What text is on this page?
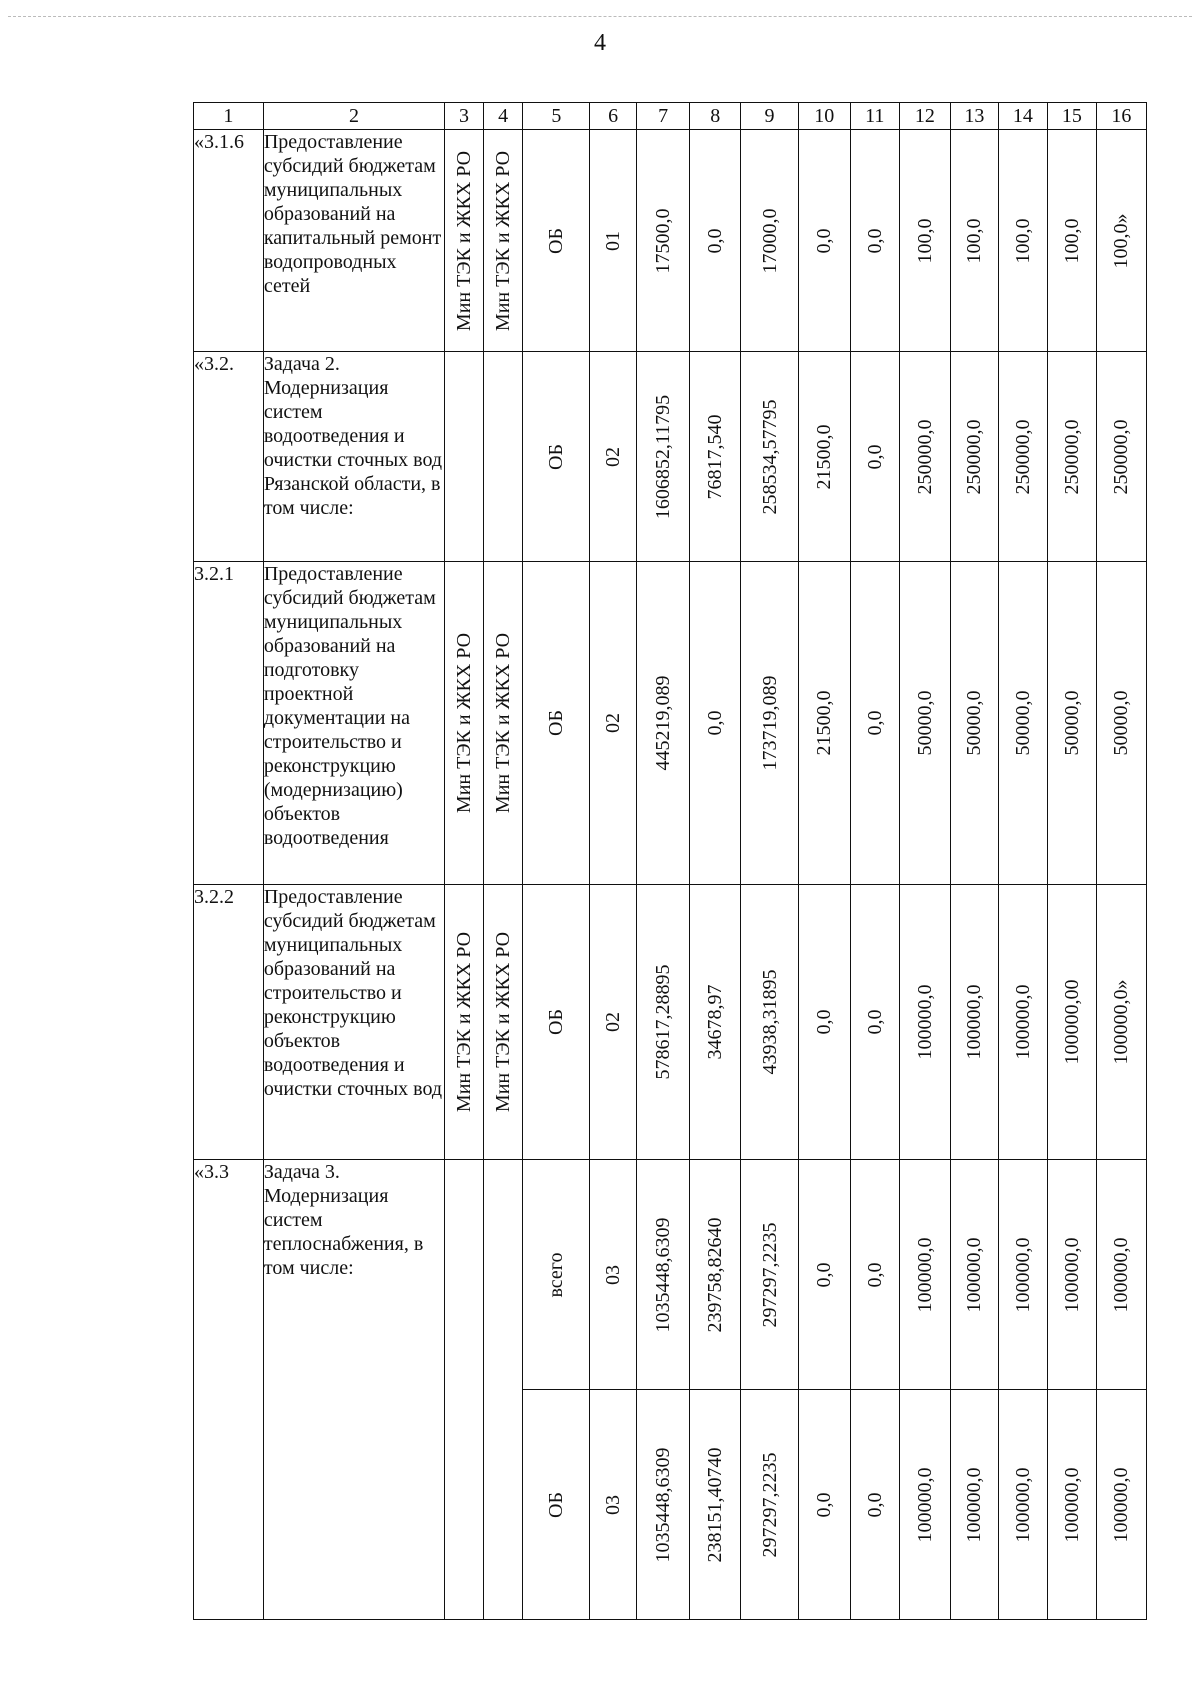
4
1	2	3	4	5	6	7	8	9	10	11	12	13	14	15	16
«3.1.6	Предоставление субсидий бюджетам муниципальных образований на капитальный ремонт водопроводных сетей	Мин ТЭК и ЖКХ РО	Мин ТЭК и ЖКХ РО	ОБ	01	17500,0	0,0	17000,0	0,0	0,0	100,0	100,0	100,0	100,0	100,0»

«3.2.	Задача 2. Модернизация систем водоотведения и очистки сточных вод Рязанской области, в том числе:			ОБ	02	1606852,11795	76817,540	258534,57795	21500,0	0,0	250000,0	250000,0	250000,0	250000,0	250000,0

3.2.1	Предоставление субсидий бюджетам муниципальных образований на подготовку проектной документации на строительство и реконструкцию (модернизацию) объектов водоотведения	Мин ТЭК и ЖКХ РО	Мин ТЭК и ЖКХ РО	ОБ	02	445219,089	0,0	173719,089	21500,0	0,0	50000,0	50000,0	50000,0	50000,0	50000,0

3.2.2	Предоставление субсидий бюджетам муниципальных образований на строительство и реконструкцию объектов водоотведения и очистки сточных вод	Мин ТЭК и ЖКХ РО	Мин ТЭК и ЖКХ РО	ОБ	02	578617,28895	34678,97	43938,31895	0,0	0,0	100000,0	100000,0	100000,0	100000,00	100000,0»

«3.3	Задача 3. Модернизация систем теплоснабжения, в том числе:			всего	03	1035448,6309	239758,82640	297297,2235	0,0	0,0	100000,0	100000,0	100000,0	100000,0	100000,0

				ОБ	03	1035448,6309	238151,40740	297297,2235	0,0	0,0	100000,0	100000,0	100000,0	100000,0	100000,0
